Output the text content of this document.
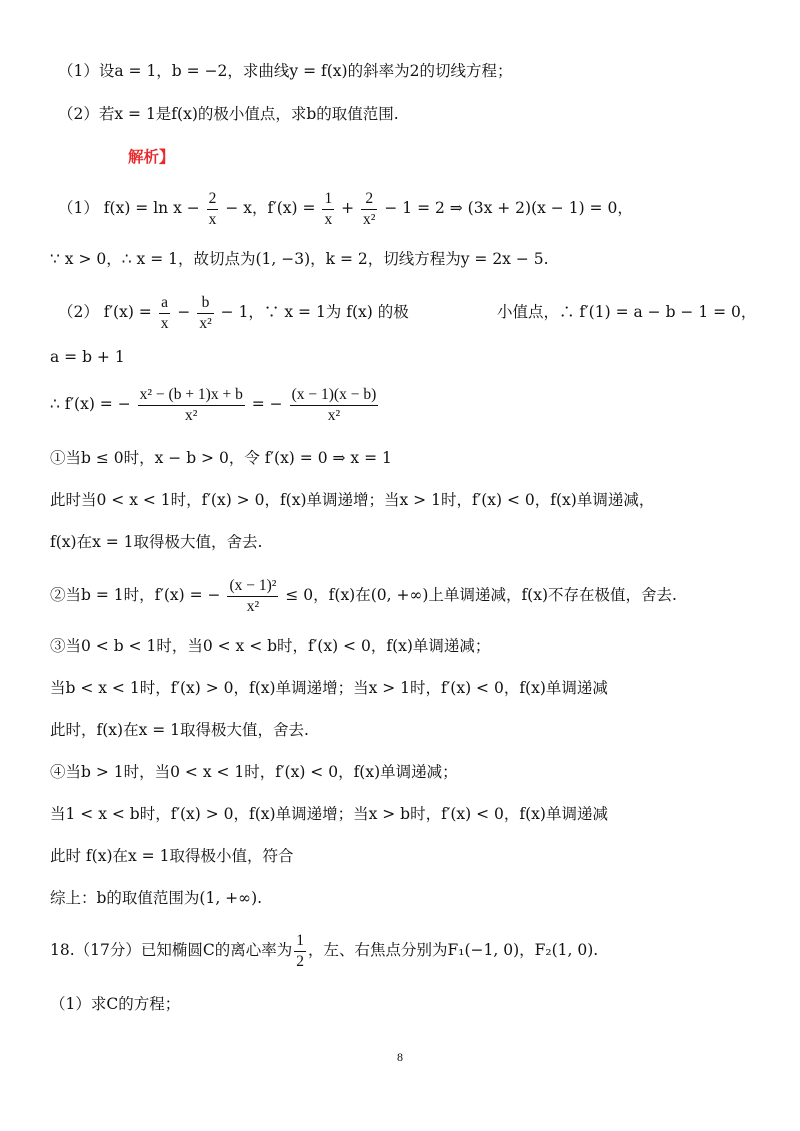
（1）设a = 1，b = −2，求曲线y = f(x)的斜率为2的切线方程；
（2）若x = 1是f(x)的极小值点，求b的取值范围.
解析】
（1） $f(x) = \ln x - \frac{2}{x} - x$，$f'(x) = \frac{1}{x} + \frac{2}{\text{x²}} - 1 = 2$ ⇒ (3x + 2)(x − 1) = 0，
∵ x > 0，∴ x = 1，故切点为(1, −3)，k = 2，切线方程为y = 2x − 5.
（2） $f'(x) = \frac{a}{x} - \frac{b}{\text{x²}} - 1$，∵ x = 1为 f(x) 的极	小值点，∴ f′(1) = a − b − 1 = 0，
a = b + 1
∴ f′(x) = − $\frac{\text{x² − (b + 1)x + b}}{\text{x²}}$ = − $\frac{(x - 1)(x - b)}{\text{x²}}$
①当b ≤ 0时，x − b > 0，令 f′(x) = 0 ⇒ x = 1
此时当0 < x < 1时，f′(x) > 0，f(x)单调递增；当x > 1时，f′(x) < 0，f(x)单调递减，
f(x)在x = 1取得极大值，舍去.
②当b = 1时，f′(x) = − $\frac{\text{(x − 1)²}}{\text{x²}} \le 0$，f(x)在(0, +∞)上单调递减，f(x)不存在极值，舍去.
③当0 < b < 1时，当0 < x < b时，f′(x) < 0，f(x)单调递减；
当b < x < 1时，f′(x) > 0，f(x)单调递增；当x > 1时，f′(x) < 0，f(x)单调递减
此时，f(x)在x = 1取得极大值，舍去.
④当b > 1时，当0 < x < 1时，f′(x) < 0，f(x)单调递减；
当1 < x < b时，f′(x) > 0，f(x)单调递增；当x > b时，f′(x) < 0，f(x)单调递减
此时 f(x)在x = 1取得极小值，符合
综上：b的取值范围为(1, +∞).
18.（17分）已知椭圆C的离心率为 $\frac{1}{2}$ ，左、右焦点分别为F₁(−1, 0)，F₂(1, 0).
（1）求C的方程；
8
